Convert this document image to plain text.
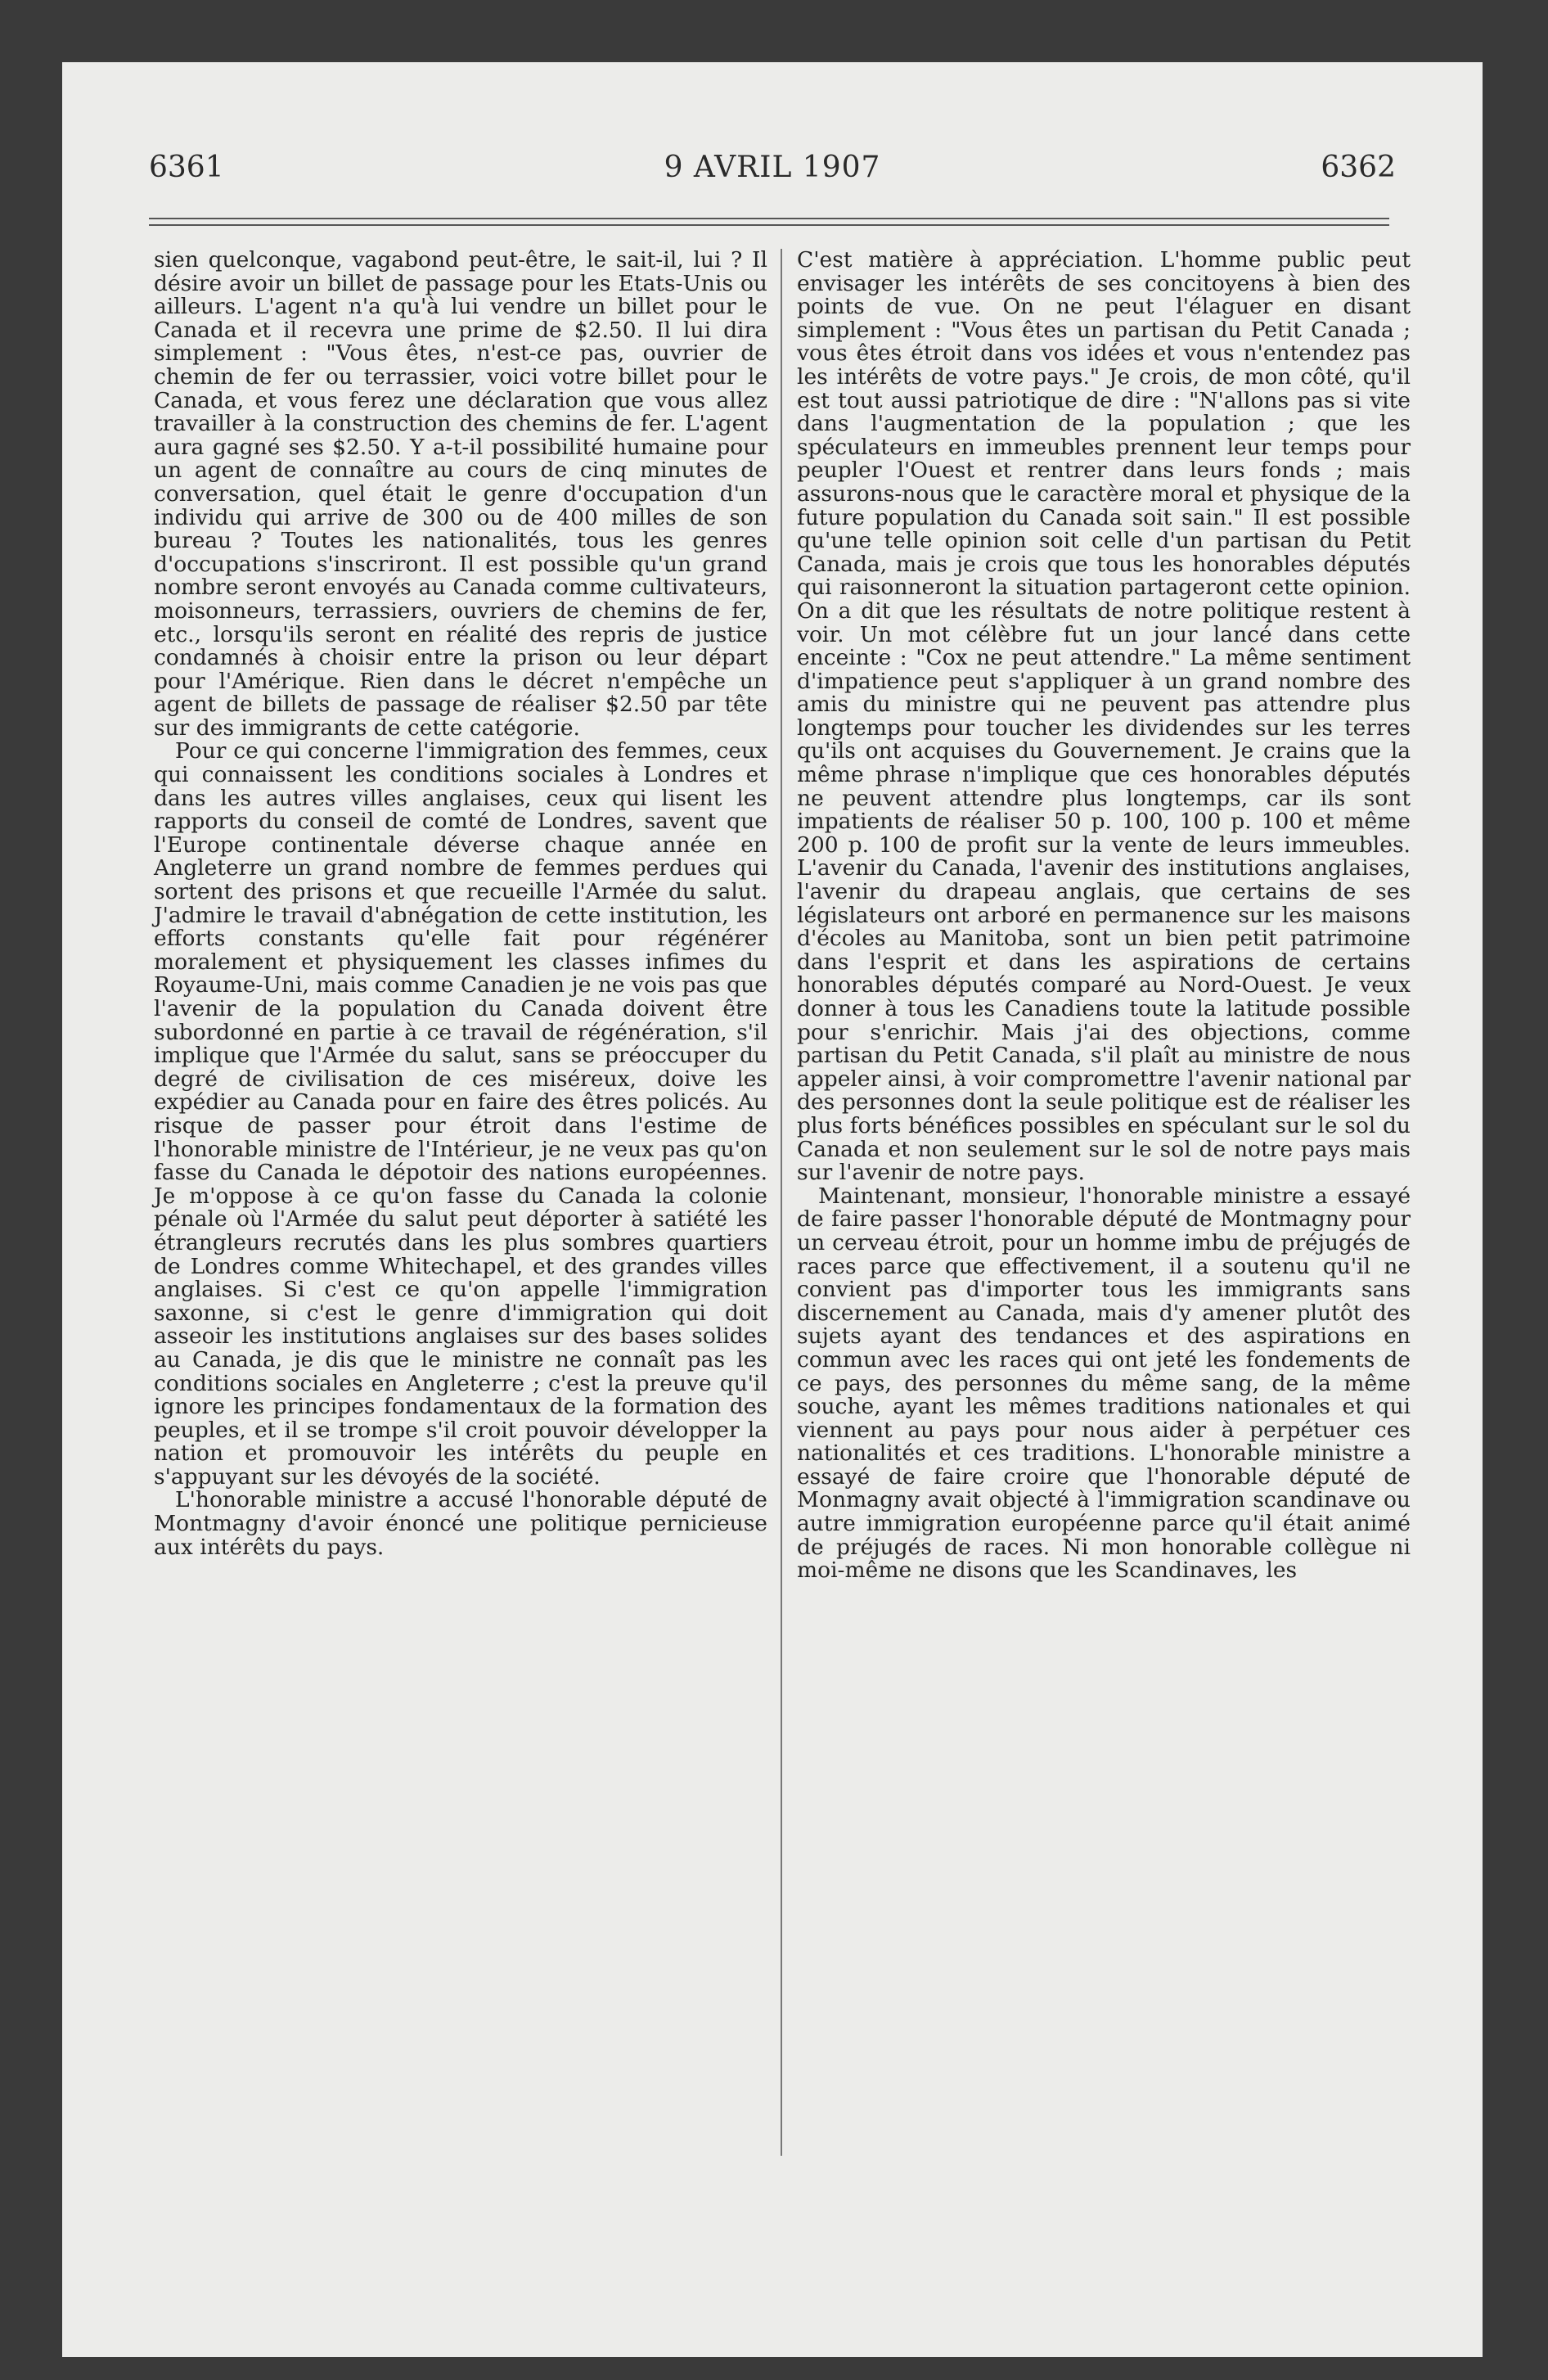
6361	9 AVRIL 1907	6362

sien quelconque, vagabond peut-être, le sait-il, lui ? Il désire avoir un billet de passage pour les Etats-Unis ou ailleurs. L'agent n'a qu'à lui vendre un billet pour le Canada et il recevra une prime de $2.50. Il lui dira simplement : "Vous êtes, n'est-ce pas, ouvrier de chemin de fer ou terrassier, voici votre billet pour le Canada, et vous ferez une déclaration que vous allez travailler à la construction des chemins de fer. L'agent aura gagné ses $2.50. Y a-t-il possibilité humaine pour un agent de connaître au cours de cinq minutes de conversation, quel était le genre d'occupation d'un individu qui arrive de 300 ou de 400 milles de son bureau ? Toutes les nationalités, tous les genres d'occupations s'inscriront. Il est possible qu'un grand nombre seront envoyés au Canada comme cultivateurs, moisonneurs, terrassiers, ouvriers de chemins de fer, etc., lorsqu'ils seront en réalité des repris de justice condamnés à choisir entre la prison ou leur départ pour l'Amérique. Rien dans le décret n'empêche un agent de billets de passage de réaliser $2.50 par tête sur des immigrants de cette catégorie.

Pour ce qui concerne l'immigration des femmes, ceux qui connaissent les conditions sociales à Londres et dans les autres villes anglaises, ceux qui lisent les rapports du conseil de comté de Londres, savent que l'Europe continentale déverse chaque année en Angleterre un grand nombre de femmes perdues qui sortent des prisons et que recueille l'Armée du salut. J'admire le travail d'abnégation de cette institution, les efforts constants qu'elle fait pour régénérer moralement et physiquement les classes infimes du Royaume-Uni, mais comme Canadien je ne vois pas que l'avenir de la population du Canada doivent être subordonné en partie à ce travail de régénération, s'il implique que l'Armée du salut, sans se préoccuper du degré de civilisation de ces miséreux, doive les expédier au Canada pour en faire des êtres policés. Au risque de passer pour étroit dans l'estime de l'honorable ministre de l'Intérieur, je ne veux pas qu'on fasse du Canada le dépotoir des nations européennes. Je m'oppose à ce qu'on fasse du Canada la colonie pénale où l'Armée du salut peut déporter à satiété les étrangleurs recrutés dans les plus sombres quartiers de Londres comme Whitechapel, et des grandes villes anglaises. Si c'est ce qu'on appelle l'immigration saxonne, si c'est le genre d'immigration qui doit asseoir les institutions anglaises sur des bases solides au Canada, je dis que le ministre ne connaît pas les conditions sociales en Angleterre ; c'est la preuve qu'il ignore les principes fondamentaux de la formation des peuples, et il se trompe s'il croit pouvoir développer la nation et promouvoir les intérêts du peuple en s'appuyant sur les dévoyés de la société.

L'honorable ministre a accusé l'honorable député de Montmagny d'avoir énoncé une politique pernicieuse aux intérêts du pays.

C'est matière à appréciation. L'homme public peut envisager les intérêts de ses concitoyens à bien des points de vue. On ne peut l'élaguer en disant simplement : "Vous êtes un partisan du Petit Canada ; vous êtes étroit dans vos idées et vous n'entendez pas les intérêts de votre pays." Je crois, de mon côté, qu'il est tout aussi patriotique de dire : "N'allons pas si vite dans l'augmentation de la population ; que les spéculateurs en immeubles prennent leur temps pour peupler l'Ouest et rentrer dans leurs fonds ; mais assurons-nous que le caractère moral et physique de la future population du Canada soit sain." Il est possible qu'une telle opinion soit celle d'un partisan du Petit Canada, mais je crois que tous les honorables députés qui raisonneront la situation partageront cette opinion. On a dit que les résultats de notre politique restent à voir. Un mot célèbre fut un jour lancé dans cette enceinte : "Cox ne peut attendre." La même sentiment d'impatience peut s'appliquer à un grand nombre des amis du ministre qui ne peuvent pas attendre plus longtemps pour toucher les dividendes sur les terres qu'ils ont acquises du Gouvernement. Je crains que la même phrase n'implique que ces honorables députés ne peuvent attendre plus longtemps, car ils sont impatients de réaliser 50 p. 100, 100 p. 100 et même 200 p. 100 de profit sur la vente de leurs immeubles. L'avenir du Canada, l'avenir des institutions anglaises, l'avenir du drapeau anglais, que certains de ses législateurs ont arboré en permanence sur les maisons d'écoles au Manitoba, sont un bien petit patrimoine dans l'esprit et dans les aspirations de certains honorables députés comparé au Nord-Ouest. Je veux donner à tous les Canadiens toute la latitude possible pour s'enrichir. Mais j'ai des objections, comme partisan du Petit Canada, s'il plaît au ministre de nous appeler ainsi, à voir compromettre l'avenir national par des personnes dont la seule politique est de réaliser les plus forts bénéfices possibles en spéculant sur le sol du Canada et non seulement sur le sol de notre pays mais sur l'avenir de notre pays.

Maintenant, monsieur, l'honorable ministre a essayé de faire passer l'honorable député de Montmagny pour un cerveau étroit, pour un homme imbu de préjugés de races parce que effectivement, il a soutenu qu'il ne convient pas d'importer tous les immigrants sans discernement au Canada, mais d'y amener plutôt des sujets ayant des tendances et des aspirations en commun avec les races qui ont jeté les fondements de ce pays, des personnes du même sang, de la même souche, ayant les mêmes traditions nationales et qui viennent au pays pour nous aider à perpétuer ces nationalités et ces traditions. L'honorable ministre a essayé de faire croire que l'honorable député de Monmagny avait objecté à l'immigration scandinave ou autre immigration européenne parce qu'il était animé de préjugés de races. Ni mon honorable collègue ni moi-même ne disons que les Scandinaves, les
